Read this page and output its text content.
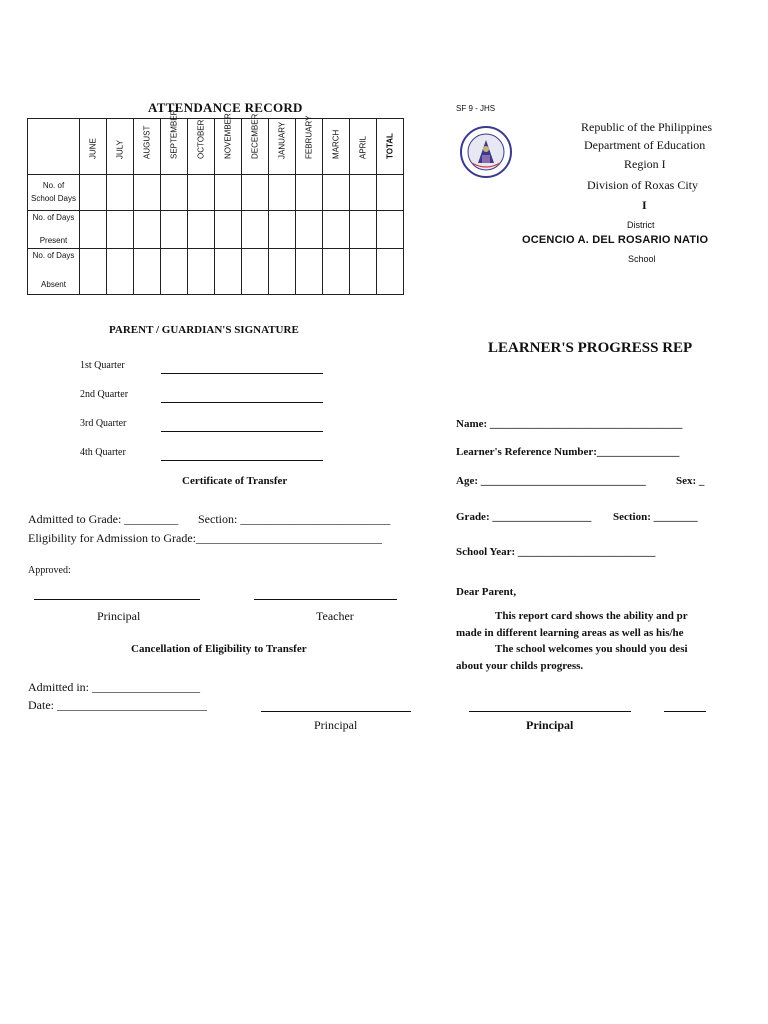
ATTENDANCE RECORD

	JUNE	JULY	AUGUST	SEPTEMBER	OCTOBER	NOVEMBER	DECEMBER	JANUARY	FEBRUARY	MARCH	APRIL	TOTAL

No. of
School Days												

No. of Days
Present												

No. of Days
Absent												

PARENT / GUARDIAN'S SIGNATURE
1st Quarter
2nd Quarter
3rd Quarter
4th Quarter
Certificate of Transfer
Admitted to Grade: _________ Section: _________________________
Eligibility for Admission to Grade:_______________________________
Approved:
Principal	Teacher
Cancellation of Eligibility to Transfer
Admitted in: __________________
Date: _________________________
Principal
SF 9 - JHS
Republic of the Philippines
Department of Education
Region I
Division of Roxas City
I
District
OCENCIO A. DEL ROSARIO NATIO
School
LEARNER'S PROGRESS REP
Name: ___________________________________
Learner's Reference Number:_______________
Age: ______________________________	Sex: _
Grade: __________________ Section: ________
School Year: _________________________
Dear Parent,
This report card shows the ability and pr
made in different learning areas as well as his/he
The school welcomes you should you desi
about your childs progress.
Principal
